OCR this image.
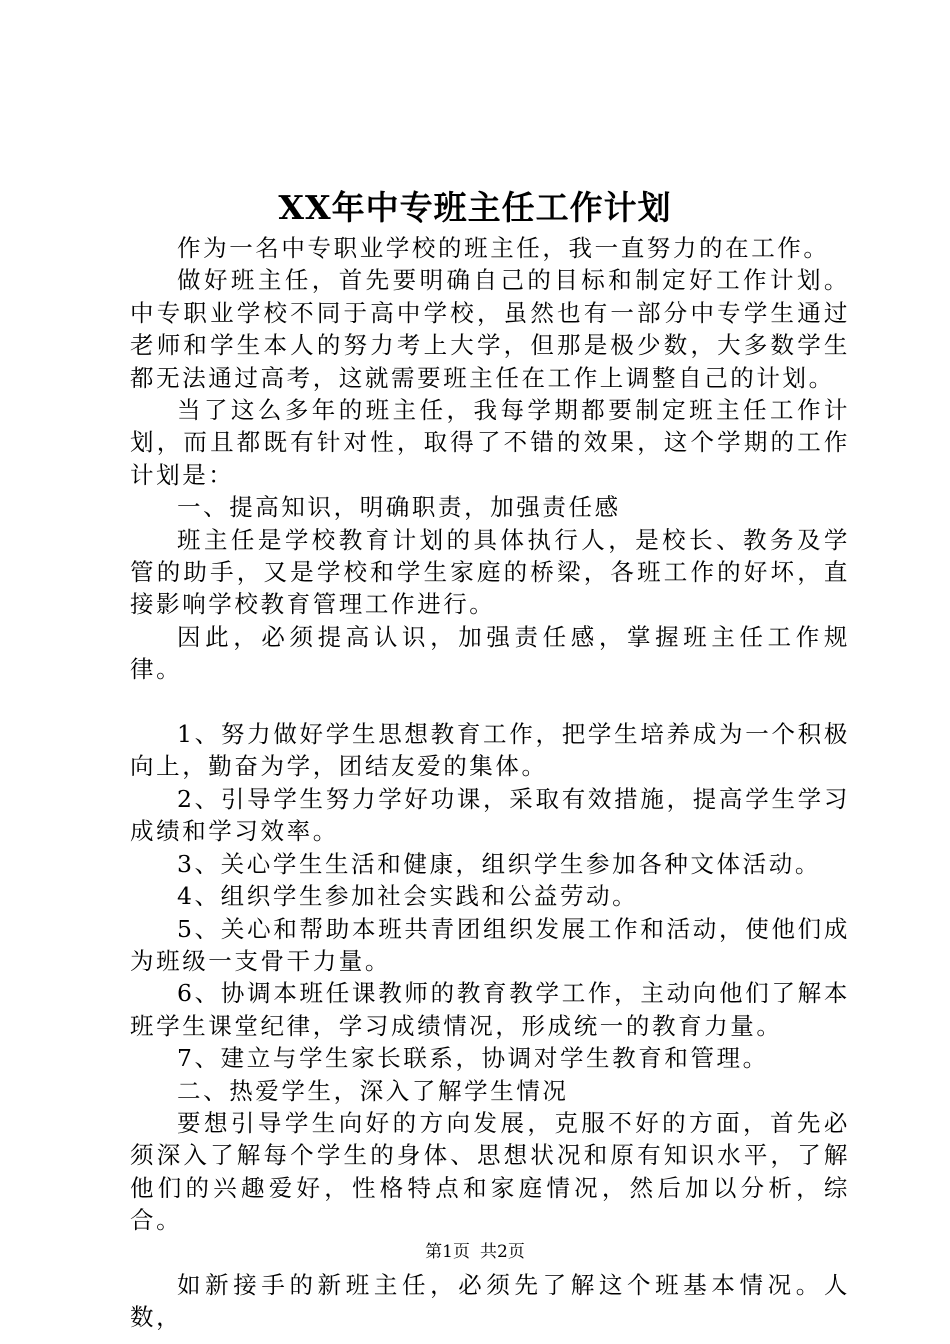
XX年中专班主任工作计划

作为一名中专职业学校的班主任，我一直努力的在工作。

做好班主任，首先要明确自己的目标和制定好工作计划。中专职业学校不同于高中学校，虽然也有一部分中专学生通过老师和学生本人的努力考上大学，但那是极少数，大多数学生都无法通过高考，这就需要班主任在工作上调整自己的计划。

当了这么多年的班主任，我每学期都要制定班主任工作计划，而且都既有针对性，取得了不错的效果，这个学期的工作计划是：

一、提高知识，明确职责，加强责任感

班主任是学校教育计划的具体执行人，是校长、教务及学管的助手，又是学校和学生家庭的桥梁，各班工作的好坏，直接影响学校教育管理工作进行。

因此，必须提高认识，加强责任感，掌握班主任工作规律。

1、努力做好学生思想教育工作，把学生培养成为一个积极向上，勤奋为学，团结友爱的集体。

2、引导学生努力学好功课，采取有效措施，提高学生学习成绩和学习效率。

3、关心学生生活和健康，组织学生参加各种文体活动。

4、组织学生参加社会实践和公益劳动。

5、关心和帮助本班共青团组织发展工作和活动，使他们成为班级一支骨干力量。

6、协调本班任课教师的教育教学工作，主动向他们了解本班学生课堂纪律，学习成绩情况，形成统一的教育力量。

7、建立与学生家长联系，协调对学生教育和管理。

二、热爱学生，深入了解学生情况

要想引导学生向好的方向发展，克服不好的方面，首先必须深入了解每个学生的身体、思想状况和原有知识水平，了解他们的兴趣爱好，性格特点和家庭情况，然后加以分析，综合。

如新接手的新班主任，必须先了解这个班基本情况。人数，

第1页 共2页
